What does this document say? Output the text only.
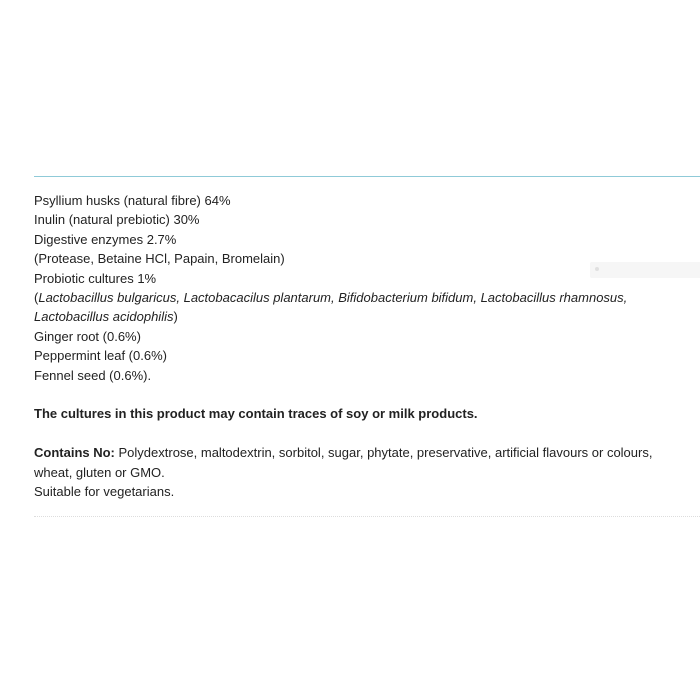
Psyllium husks (natural fibre) 64%
Inulin (natural prebiotic) 30%
Digestive enzymes 2.7%
(Protease, Betaine HCl, Papain, Bromelain)
Probiotic cultures 1%
(Lactobacillus bulgaricus, Lactobacacilus plantarum, Bifidobacterium bifidum, Lactobacillus rhamnosus,
Lactobacillus acidophilis)
Ginger root (0.6%)
Peppermint leaf (0.6%)
Fennel seed (0.6%).
The cultures in this product may contain traces of soy or milk products.
Contains No: Polydextrose, maltodextrin, sorbitol, sugar, phytate, preservative, artificial flavours or colours, wheat, gluten or GMO.
Suitable for vegetarians.
